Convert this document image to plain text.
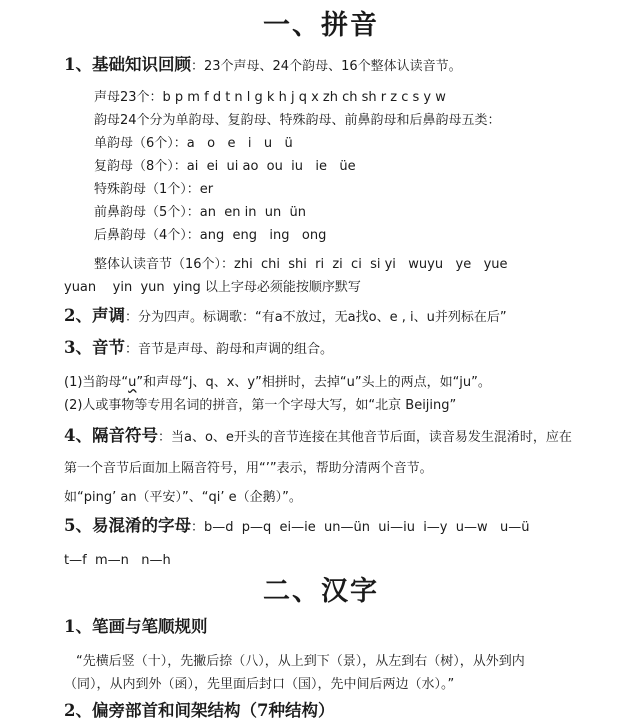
一、拼音
1、基础知识回顾：23个声母、24个韵母、16个整体认读音节。
声母23个：b p m f d t n l g k h j q x zh ch sh r z c s y w
韵母24个分为单韵母、复韵母、特殊韵母、前鼻韵母和后鼻韵母五类：
单韵母（6个）：a   o   e   i   u   ü
复韵母（8个）：ai  ei  ui ao  ou  iu   ie   üe
特殊韵母（1个）：er
前鼻韵母（5个）：an  en in  un  ün
后鼻韵母（4个）：ang  eng   ing   ong
整体认读音节（16个）：zhi  chi  shi  ri  zi  ci  si yi   wuyu   ye   yue
yuan    yin  yun  ying 以上字母必须能按顺序默写
2、声调：分为四声。标调歌：“有a不放过，无a找o、e , i、u并列标在后”
3、音节：音节是声母、韵母和声调的组合。
(1)当韵母“u”和声母“j、q、x、y”相拼时，去掉“u”头上的两点，如“ju”。
(2)人或事物等专用名词的拼音，第一个字母大写，如“北京 Beijing”
4、隔音符号：当a、o、e开头的音节连接在其他音节后面，读音易发生混淆时，应在
第一个音节后面加上隔音符号，用“’”表示，帮助分清两个音节。
如“ping’ an（平安）”、“qi’ e（企鹅）”。
5、易混淆的字母：b—d  p—q  ei—ie  un—ün  ui—iu  i—y  u—w   u—ü
t—f  m—n   n—h
二、汉字
1、笔画与笔顺规则
“先横后竖（十），先撇后捺（八），从上到下（景），从左到右（树），从外到内
（同），从内到外（函），先里面后封口（国），先中间后两边（水）。”
2、偏旁部首和间架结构（7种结构）
